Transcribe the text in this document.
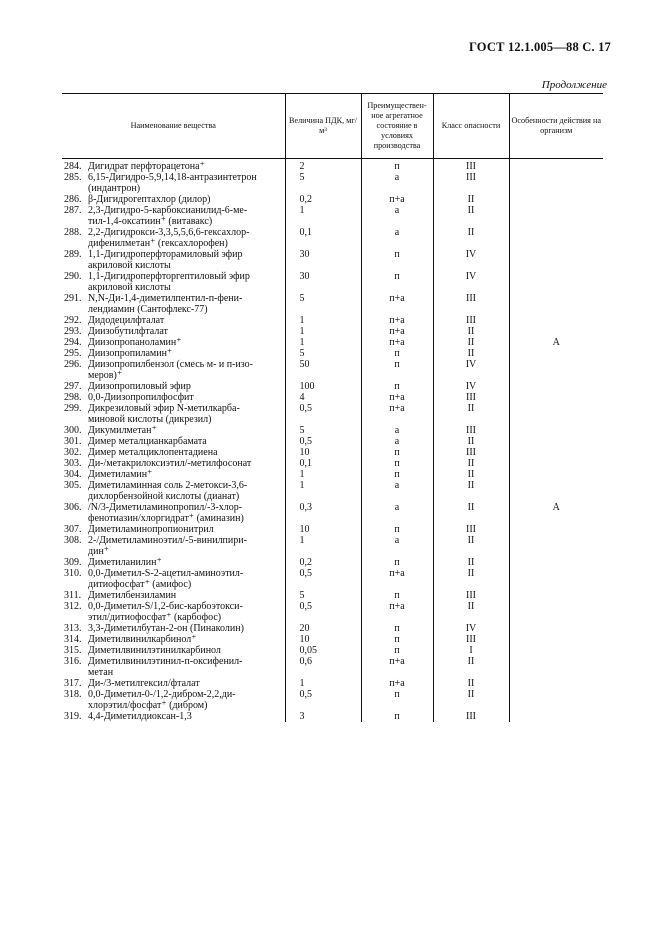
ГОСТ 12.1.005—88 С. 17
Продолжение
Наименование вещества	Величина ПДК, мг/м³	Преимуществен-ное агрегатное состояние в условиях производства	Класс опасности	Особенности действия на организм

284. Дигидрат перфторацетона⁺	2	п	III	

285. 6,15-Дигидро-5,9,14,18-антразинтетрон
(индантрон)	5	а	III	

286. β-Дигидрогептахлор (дилор)	0,2	п+а	II	

287. 2,3-Дигидро-5-карбоксианилид-6-ме-
тил-1,4-оксатиин⁺ (витавакс)	1	а	II	

288. 2,2-Дигидрокси-3,3,5,5,6,6-гексахлор-
дифенилметан⁺ (гексахлорофен)	0,1	а	II	

289. 1,1-Дигидроперфторамиловый эфир
акриловой кислоты	30	п	IV	

290. 1,1-Дигидроперфторгептиловый эфир
акриловой кислоты	30	п	IV	

291. N,N-Ди-1,4-диметилпентил-п-фени-
лендиамин (Сантофлекс-77)	5	п+а	III	

292. Дидодецилфталат	1	п+а	III	

293. Диизобутилфталат	1	п+а	II	

294. Диизопропаноламин⁺	1	п+а	II	А

295. Диизопропиламин⁺	5	п	II	

296. Диизопропилбензол (смесь м- и п-изо-
меров)⁺	50	п	IV	

297. Диизопропиловый эфир	100	п	IV	

298. 0,0-Диизопропилфосфит	4	п+а	III	

299. Дикрезиловый эфир N-метилкарба-
миновой кислоты (дикрезил)	0,5	п+а	II	

300. Дикумилметан⁺	5	а	III	

301. Димер металцианкарбамата	0,5	а	II	

302. Димер металциклопентадиена	10	п	III	

303. Ди-/метакрилоксиэтил/-метилфосонат	0,1	п	II	

304. Диметиламин⁺	1	п	II	

305. Диметиламинная соль 2-метокси-3,6-
дихлорбензойной кислоты (дианат)	1	а	II	

306. /N/3-Диметиламинопропил/-3-хлор-
фенотиазин/хлоргидрат⁺ (аминазин)	0,3	а	II	А

307. Диметиламинопропионитрил	10	п	III	

308. 2-/Диметиламиноэтил/-5-винилпири-
дин⁺	1	а	II	

309. Диметиланилин⁺	0,2	п	II	

310. 0,0-Диметил-S-2-ацетил-аминоэтил-
дитиофосфат⁺ (амифос)	0,5	п+а	II	

311. Диметилбензиламин	5	п	III	

312. 0,0-Диметил-S/1,2-бис-карбоэтокси-
этил/дитиофосфат⁺ (карбофос)	0,5	п+а	II	

313. 3,3-Диметилбутан-2-он (Пинаколин)	20	п	IV	

314. Диметилвинилкарбинол⁺	10	п	III	

315. Диметилвинилэтинилкарбинол	0,05	п	I	

316. Диметилвинилэтинил-п-оксифенил-
метан	0,6	п+а	II	

317. Ди-/3-метилгексил/фталат	1	п+а	II	

318. 0,0-Диметил-0-/1,2-дибром-2,2,ди-
хлорэтил/фосфат⁺ (дибром)	0,5	п	II	

319. 4,4-Диметилдиоксан-1,3	3	п	III	
